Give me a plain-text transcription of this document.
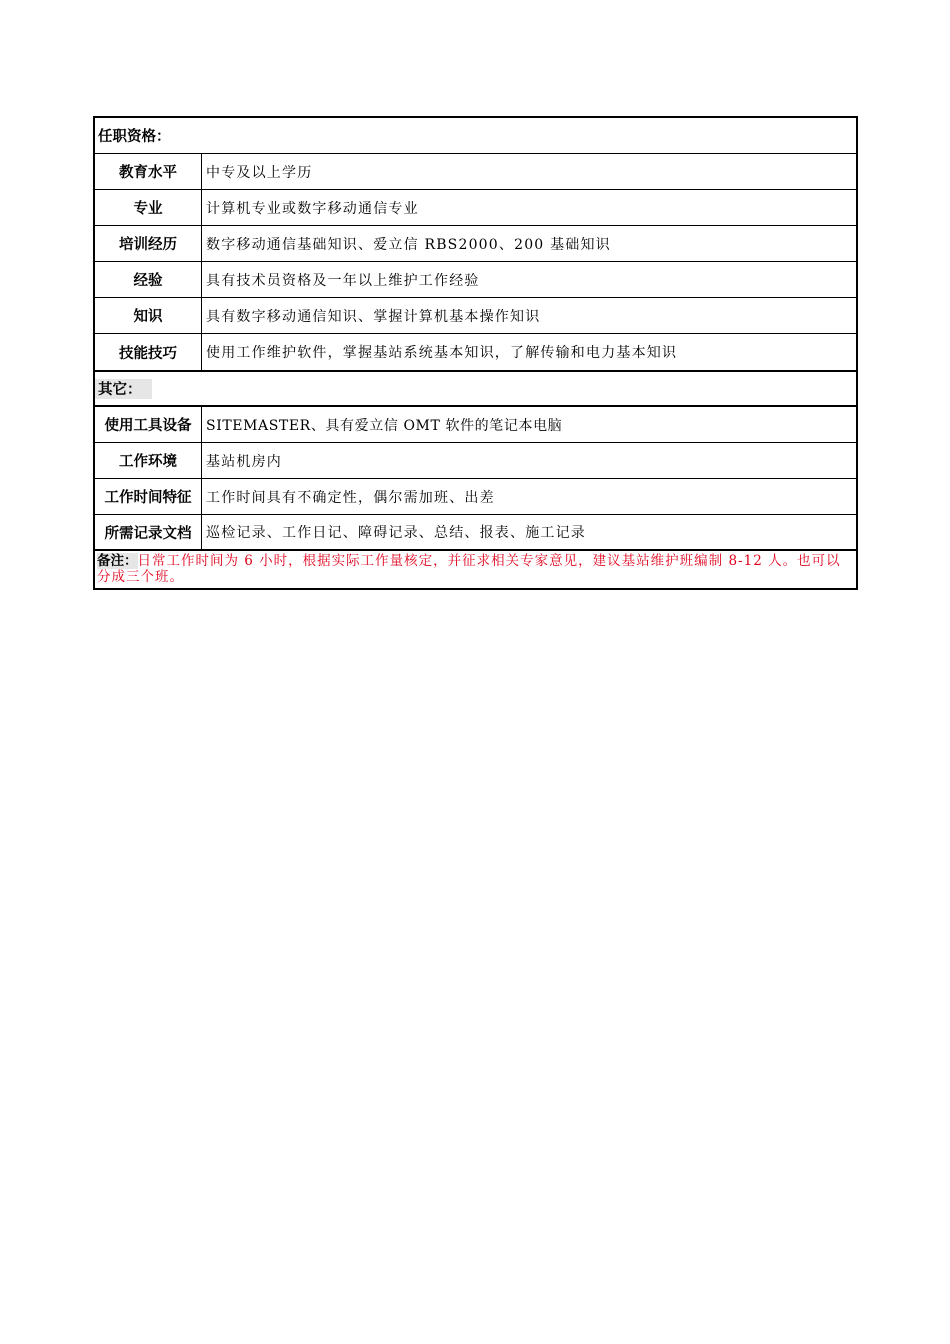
任职资格：
教育水平	中专及以上学历
专业	计算机专业或数字移动通信专业
培训经历	数字移动通信基础知识、爱立信 RBS2000、200 基础知识
经验	具有技术员资格及一年以上维护工作经验
知识	具有数字移动通信知识、掌握计算机基本操作知识
技能技巧	使用工作维护软件，掌握基站系统基本知识，了解传输和电力基本知识
其它：
使用工具设备	SITEMASTER、具有爱立信 OMT 软件的笔记本电脑
工作环境	基站机房内
工作时间特征	工作时间具有不确定性，偶尔需加班、出差
所需记录文档	巡检记录、工作日记、障碍记录、总结、报表、施工记录
备注：日常工作时间为 6 小时，根据实际工作量核定，并征求相关专家意见，建议基站维护班编制 8-12 人。也可以分成三个班。
